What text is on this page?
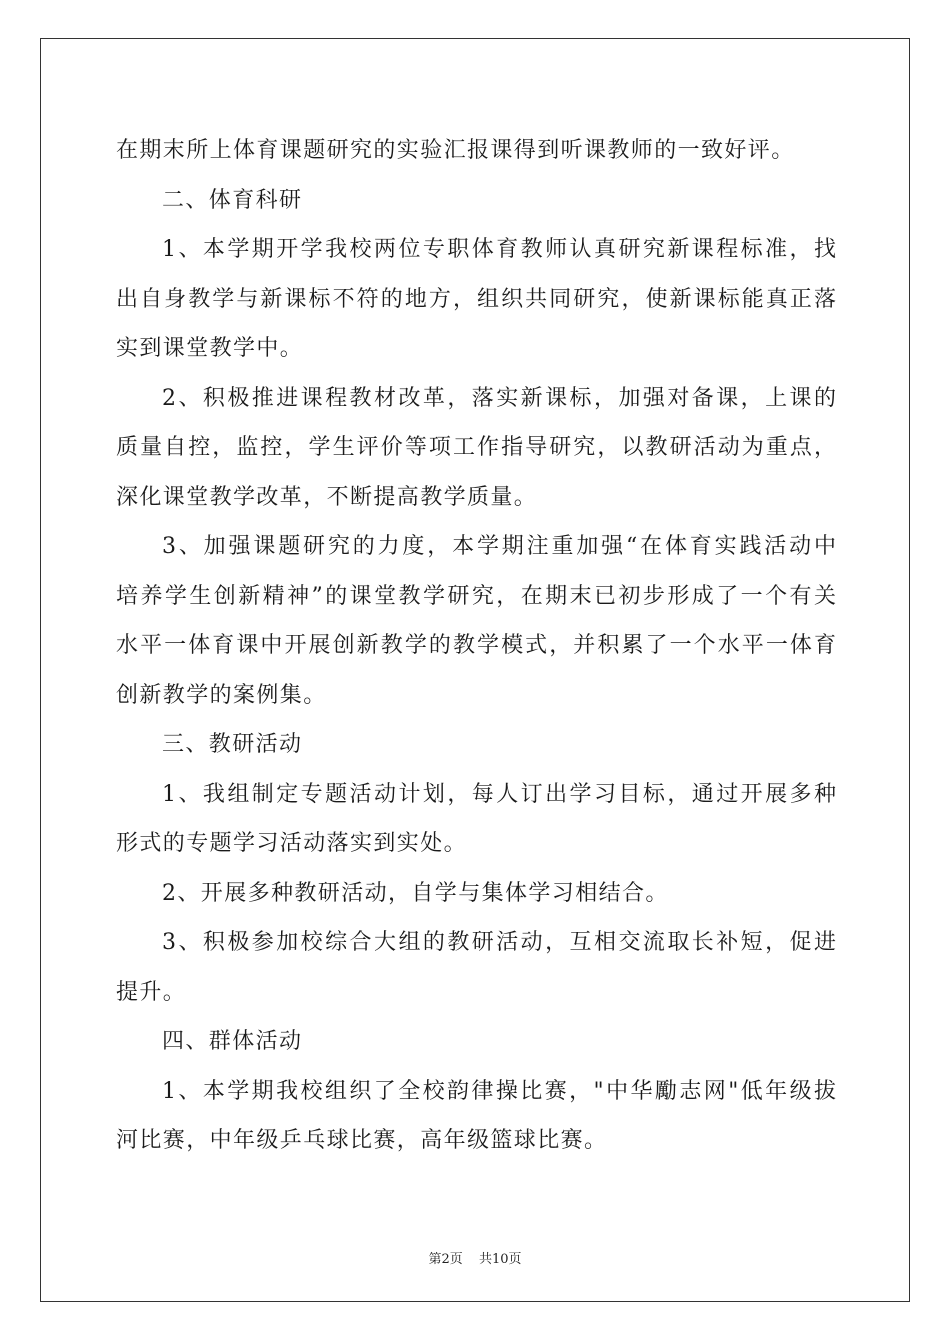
在期末所上体育课题研究的实验汇报课得到听课教师的一致好评。
二、体育科研
1、本学期开学我校两位专职体育教师认真研究新课程标准，找
出自身教学与新课标不符的地方，组织共同研究，使新课标能真正落
实到课堂教学中。
2、积极推进课程教材改革，落实新课标，加强对备课，上课的
质量自控，监控，学生评价等项工作指导研究，以教研活动为重点，
深化课堂教学改革，不断提高教学质量。
3、加强课题研究的力度，本学期注重加强“在体育实践活动中
培养学生创新精神”的课堂教学研究，在期末已初步形成了一个有关
水平一体育课中开展创新教学的教学模式，并积累了一个水平一体育
创新教学的案例集。
三、教研活动
1、我组制定专题活动计划，每人订出学习目标，通过开展多种
形式的专题学习活动落实到实处。
2、开展多种教研活动，自学与集体学习相结合。
3、积极参加校综合大组的教研活动，互相交流取长补短，促进
提升。
四、群体活动
1、本学期我校组织了全校韵律操比赛，"中华勵志网"低年级拔
河比赛，中年级乒乓球比赛，高年级篮球比赛。
第2页 共10页
